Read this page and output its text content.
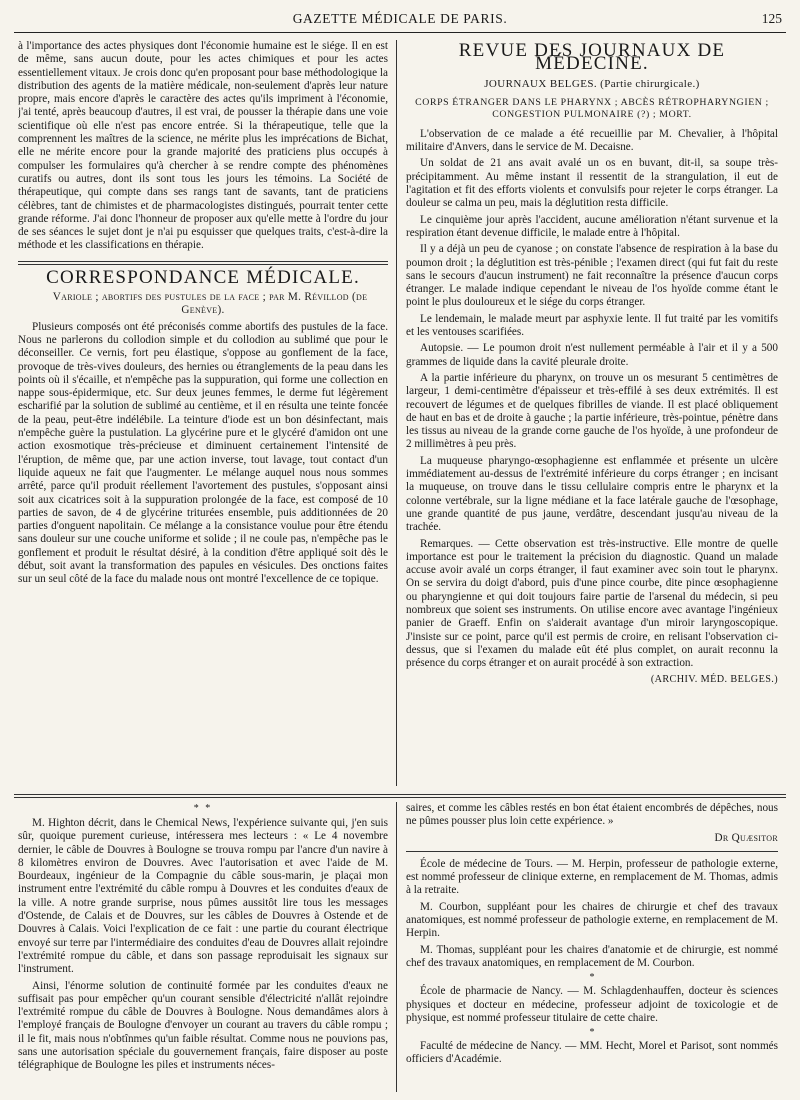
GAZETTE MÉDICALE DE PARIS.	125

à l'importance des actes physiques dont l'économie humaine est le siége. Il en est de même, sans aucun doute, pour les actes chimiques et pour les actes essentiellement vitaux. Je crois donc qu'en proposant pour base méthodologique la distribution des agents de la matière médicale, non-seulement d'après leur nature propre, mais encore d'après le caractère des actes qu'ils impriment à l'économie, j'ai tenté, après beaucoup d'autres, il est vrai, de pousser la thérapie dans une voie scientifique où elle n'est pas encore entrée. Si la thérapeutique, telle que la comprennent les maîtres de la science, ne mérite plus les imprécations de Bichat, elle ne mérite encore pour la grande majorité des praticiens plus occupés à compulser les formulaires qu'à chercher à se rendre compte des phénomènes curatifs ou autres, dont ils sont tous les jours les témoins. La Société de thérapeutique, qui compte dans ses rangs tant de savants, tant de praticiens célèbres, tant de chimistes et de pharmacologistes distingués, pourrait tenter cette grande réforme. J'ai donc l'honneur de proposer aux qu'elle mette à l'ordre du jour de ses séances le sujet dont je n'ai pu esquisser que quelques traits, c'est-à-dire la méthode et les classifications en thérapie.

CORRESPONDANCE MÉDICALE.

Variole ; abortifs des pustules de la face ; par M. Révillod (de Genève).

Plusieurs composés ont été préconisés comme abortifs des pustules de la face. Nous ne parlerons du collodion simple et du collodion au sublimé que pour le déconseiller. Ce vernis, fort peu élastique, s'oppose au gonflement de la face, provoque de très-vives douleurs, des hernies ou étranglements de la peau dans les points où il s'écaille, et n'empêche pas la suppuration, qui forme une collection en nappe sous-épidermique, etc. Sur deux jeunes femmes, le derme fut légèrement escharifié par la solution de sublimé au centième, et il en résulta une teinte foncée de la peau, peut-être indélébile. La teinture d'iode est un bon désinfectant, mais n'empêche guère la pustulation. La glycérine pure et le glycéré d'amidon ont une action exosmotique très-précieuse et diminuent certainement l'intensité de l'éruption, de même que, par une action inverse, tout lavage, tout contact d'un liquide aqueux ne fait que l'augmenter. Le mélange auquel nous nous sommes arrêté, parce qu'il produit réellement l'avortement des pustules, s'opposant ainsi soit aux cicatrices soit à la suppuration prolongée de la face, est composé de 10 parties de savon, de 4 de glycérine triturées ensemble, puis additionnées de 20 parties d'onguent napolitain. Ce mélange a la consistance voulue pour être étendu sans douleur sur une couche uniforme et solide ; il ne coule pas, n'empêche pas le gonflement et produit le résultat désiré, à la condition d'être appliqué soit dès le début, soit avant la transformation des papules en vésicules. Des onctions faites sur un seul côté de la face du malade nous ont montré l'excellence de ce topique.

REVUE DES JOURNAUX DE MÉDECINE.
JOURNAUX BELGES. (Partie chirurgicale.)
CORPS ÉTRANGER DANS LE PHARYNX ; ABCÈS RÉTROPHARYNGIEN ; CONGESTION PULMONAIRE (?) ; MORT.

L'observation de ce malade a été recueillie par M. Chevalier, à l'hôpital militaire d'Anvers, dans le service de M. Decaisne.

Un soldat de 21 ans avait avalé un os en buvant, dit-il, sa soupe très-précipitamment. Au même instant il ressentit de la strangulation, il eut de l'agitation et fit des efforts violents et convulsifs pour rejeter le corps étranger. La douleur se calma un peu, mais la déglutition resta difficile.

Le cinquième jour après l'accident, aucune amélioration n'étant survenue et la respiration étant devenue difficile, le malade entre à l'hôpital.

Il y a déjà un peu de cyanose ; on constate l'absence de respiration à la base du poumon droit ; la déglutition est très-pénible ; l'examen direct (qui fut fait du reste sans le secours d'aucun instrument) ne fait reconnaître la présence d'aucun corps étranger. Le malade indique cependant le niveau de l'os hyoïde comme étant le point le plus douloureux et le siége du corps étranger.

Le lendemain, le malade meurt par asphyxie lente. Il fut traité par les vomitifs et les ventouses scarifiées.

Autopsie. — Le poumon droit n'est nullement perméable à l'air et il y a 500 grammes de liquide dans la cavité pleurale droite.

A la partie inférieure du pharynx, on trouve un os mesurant 5 centimètres de largeur, 1 demi-centimètre d'épaisseur et très-effilé à ses deux extrémités. Il est recouvert de légumes et de quelques fibrilles de viande. Il est placé obliquement de haut en bas et de droite à gauche ; la partie inférieure, très-pointue, pénètre dans les tissus au niveau de la grande corne gauche de l'os hyoïde, à une profondeur de 2 millimètres à peu près.

La muqueuse pharyngo-œsophagienne est enflammée et présente un ulcère immédiatement au-dessus de l'extrémité inférieure du corps étranger ; en incisant la muqueuse, on trouve dans le tissu cellulaire compris entre le pharynx et la colonne vertébrale, sur la ligne médiane et la face latérale gauche de l'œsophage, une grande quantité de pus jaune, verdâtre, descendant jusqu'au niveau de la trachée.

Remarques. — Cette observation est très-instructive. Elle montre de quelle importance est pour le traitement la précision du diagnostic. Quand un malade accuse avoir avalé un corps étranger, il faut examiner avec soin tout le pharynx. On se servira du doigt d'abord, puis d'une pince courbe, dite pince œsophagienne ou pharyngienne et qui doit toujours faire partie de l'arsenal du médecin, si peu nombreux que soient ses instruments. On utilise encore avec avantage l'ingénieux panier de Graeff. Enfin on s'aiderait avantage d'un miroir laryngoscopique. J'insiste sur ce point, parce qu'il est permis de croire, en relisant l'observation ci-dessus, que si l'examen du malade eût été plus complet, on aurait reconnu la présence du corps étranger et on aurait procédé à son extraction.

(ARCHIV. MÉD. BELGES.)
* *

M. Highton décrit, dans le Chemical News, l'expérience suivante qui, j'en suis sûr, quoique purement curieuse, intéressera mes lecteurs : « Le 4 novembre dernier, le câble de Douvres à Boulogne se trouva rompu par l'ancre d'un navire à 8 kilomètres environ de Douvres. Avec l'autorisation et avec l'aide de M. Bourdeaux, ingénieur de la Compagnie du câble sous-marin, je plaçai mon instrument entre l'extrémité du câble rompu à Douvres et les conduites d'eaux de la ville. A notre grande surprise, nous pûmes aussitôt lire tous les messages d'Ostende, de Calais et de Douvres, sur les câbles de Douvres à Ostende et de Douvres à Calais. Voici l'explication de ce fait : une partie du courant électrique envoyé sur terre par l'intermédiaire des conduites d'eau de Douvres allait rejoindre l'extrémité rompue du câble, et dans son passage reproduisait les signaux sur l'instrument.

Ainsi, l'énorme solution de continuité formée par les conduites d'eaux ne suffisait pas pour empêcher qu'un courant sensible d'électricité n'allât rejoindre l'extrémité rompue du câble de Douvres à Boulogne. Nous demandâmes alors à l'employé français de Boulogne d'envoyer un courant au travers du câble rompu ; il le fit, mais nous n'obtînmes qu'un faible résultat. Comme nous ne pouvions pas, sans une autorisation spéciale du gouvernement français, faire disposer au poste télégraphique de Boulogne les piles et instruments néces-

saires, et comme les câbles restés en bon état étaient encombrés de dépêches, nous ne pûmes pousser plus loin cette expérience. »

Dr Quæsitor

École de médecine de Tours. — M. Herpin, professeur de pathologie externe, est nommé professeur de clinique externe, en remplacement de M. Thomas, admis à la retraite.

M. Courbon, suppléant pour les chaires de chirurgie et chef des travaux anatomiques, est nommé professeur de pathologie externe, en remplacement de M. Herpin.

M. Thomas, suppléant pour les chaires d'anatomie et de chirurgie, est nommé chef des travaux anatomiques, en remplacement de M. Courbon.

*

École de pharmacie de Nancy. — M. Schlagdenhauffen, docteur ès sciences physiques et docteur en médecine, professeur adjoint de toxicologie et de physique, est nommé professeur titulaire de cette chaire.

*

Faculté de médecine de Nancy. — MM. Hecht, Morel et Parisot, sont nommés officiers d'Académie.
